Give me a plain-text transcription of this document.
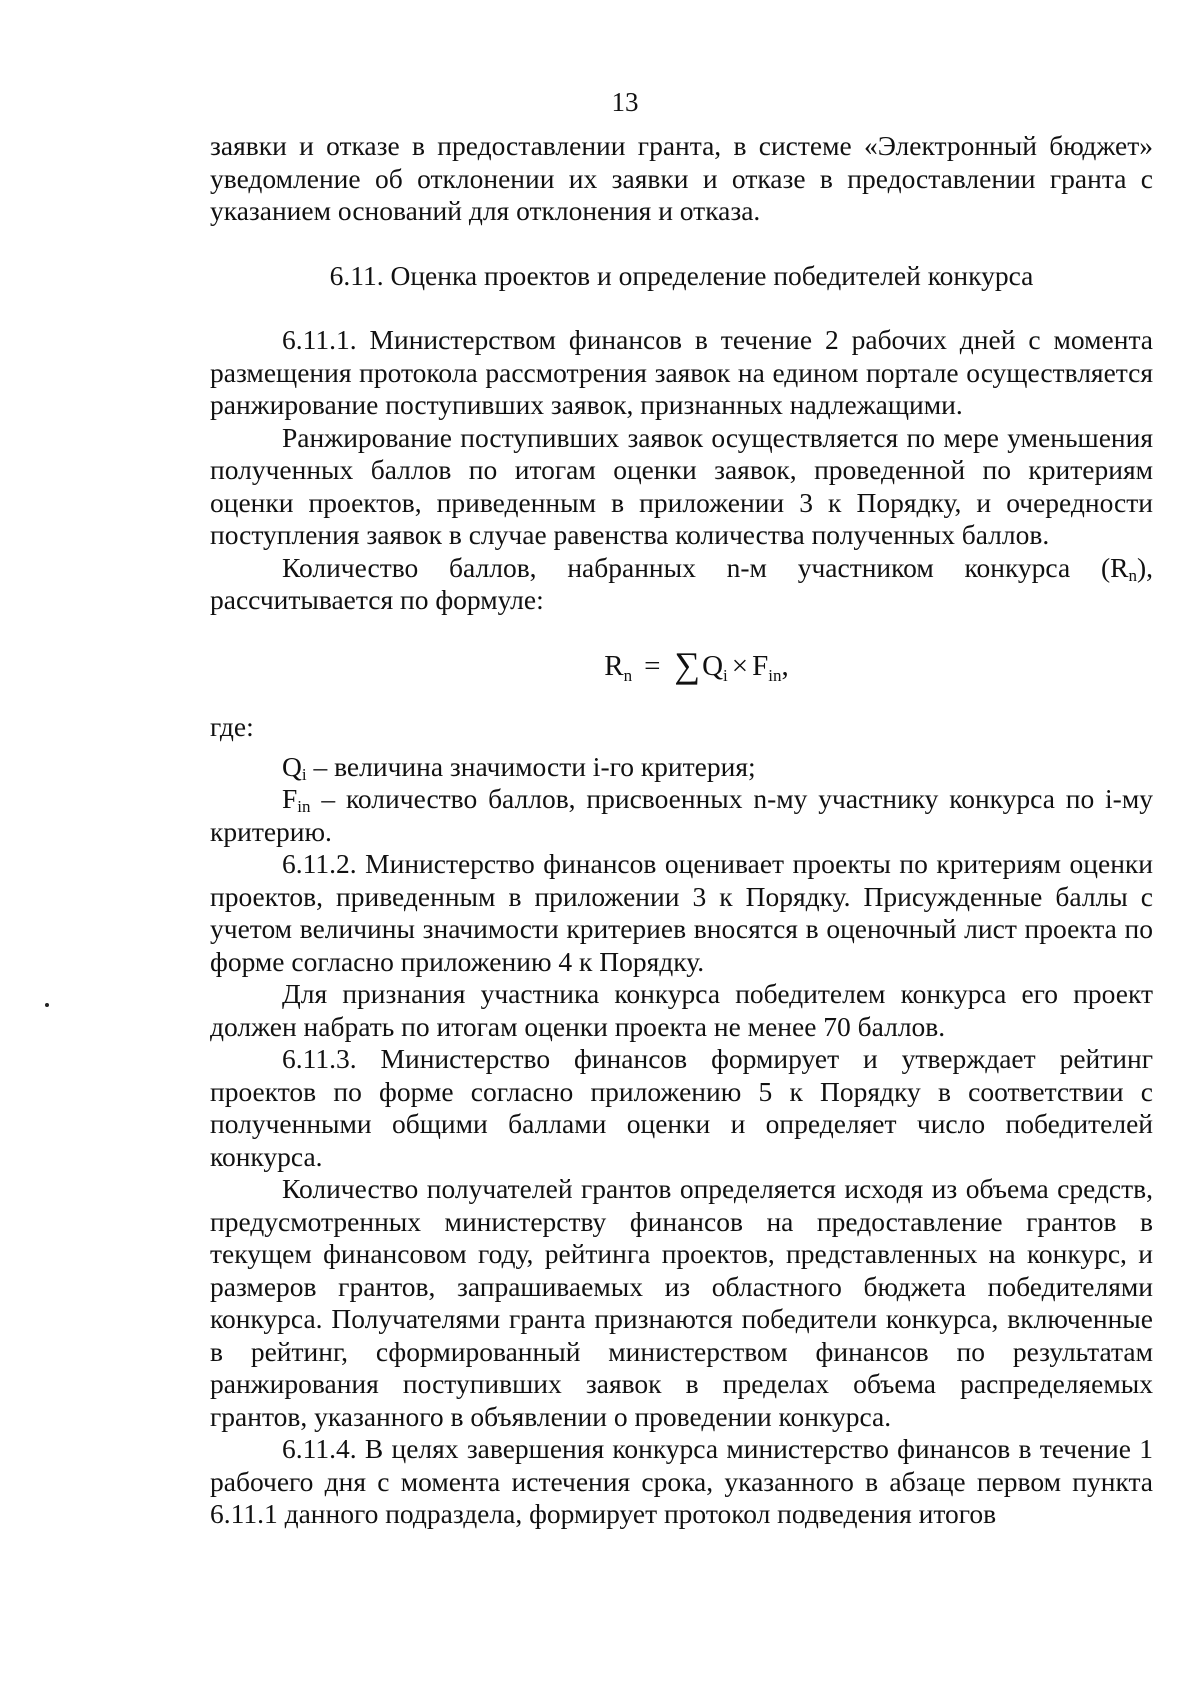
13

заявки и отказе в предоставлении гранта, в системе «Электронный бюджет» уведомление об отклонении их заявки и отказе в предоставлении гранта с указанием оснований для отклонения и отказа.

6.11. Оценка проектов и определение победителей конкурса

6.11.1. Министерством финансов в течение 2 рабочих дней с момента размещения протокола рассмотрения заявок на едином портале осуществляется ранжирование поступивших заявок, признанных надлежащими.

Ранжирование поступивших заявок осуществляется по мере уменьшения полученных баллов по итогам оценки заявок, проведенной по критериям оценки проектов, приведенным в приложении 3 к Порядку, и очередности поступления заявок в случае равенства количества полученных баллов.

Количество баллов, набранных n-м участником конкурса $(R_n)$, рассчитывается по формуле:

$R_n$ = ∑ $Q_i \times F_{in}$ ,

где:

$Q_i$ – величина значимости i-го критерия;

$F_{in}$ – количество баллов, присвоенных n-му участнику конкурса по i-му критерию.

6.11.2. Министерство финансов оценивает проекты по критериям оценки проектов, приведенным в приложении 3 к Порядку. Присужденные баллы с учетом величины значимости критериев вносятся в оценочный лист проекта по форме согласно приложению 4 к Порядку.

Для признания участника конкурса победителем конкурса его проект должен набрать по итогам оценки проекта не менее 70 баллов.

6.11.3. Министерство финансов формирует и утверждает рейтинг проектов по форме согласно приложению 5 к Порядку в соответствии с полученными общими баллами оценки и определяет число победителей конкурса.

Количество получателей грантов определяется исходя из объема средств, предусмотренных министерству финансов на предоставление грантов в текущем финансовом году, рейтинга проектов, представленных на конкурс, и размеров грантов, запрашиваемых из областного бюджета победителями конкурса. Получателями гранта признаются победители конкурса, включенные в рейтинг, сформированный министерством финансов по результатам ранжирования поступивших заявок в пределах объема распределяемых грантов, указанного в объявлении о проведении конкурса.

6.11.4. В целях завершения конкурса министерство финансов в течение 1 рабочего дня с момента истечения срока, указанного в абзаце первом пункта 6.11.1 данного подраздела, формирует протокол подведения итогов
